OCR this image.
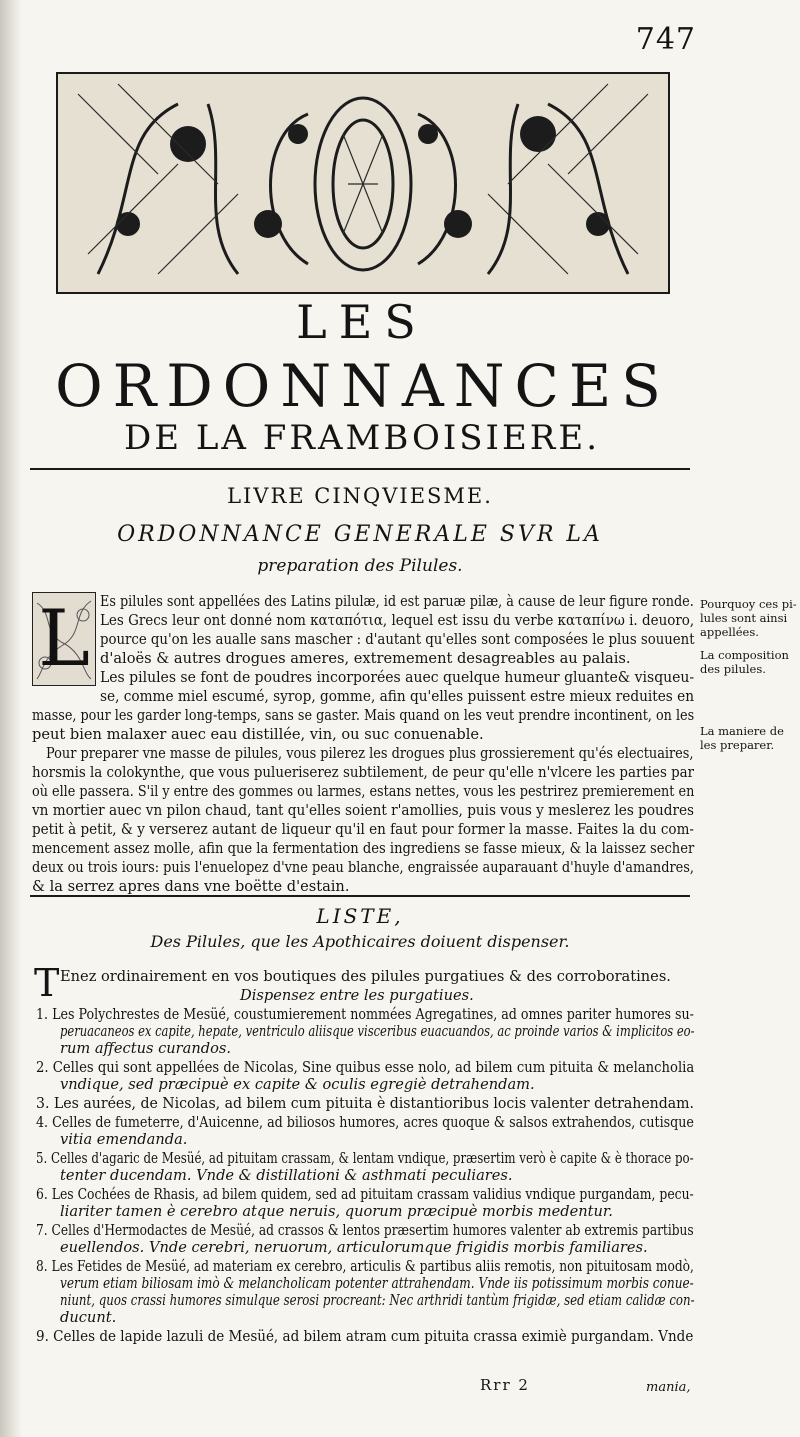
747
LES
ORDONNANCES
DE LA FRAMBOISIERE.
LIVRE CINQVIESME.
ORDONNANCE GENERALE SVR LA
preparation des Pilules.
L Es pilules sont appellées des Latins pilulæ, id est paruæ pilæ, à cause de leur figure ronde.
Les Grecs leur ont donné nom καταπότια, lequel est issu du verbe καταπίνω i. deuoro,
pource qu'on les aualle sans mascher : d'autant qu'elles sont composées le plus souuent
d'aloës & autres drogues ameres, extremement desagreables au palais.
Les pilules se font de poudres incorporées auec quelque humeur gluante& visqueu-
se, comme miel escumé, syrop, gomme, afin qu'elles puissent estre mieux reduites en
masse, pour les garder long-temps, sans se gaster. Mais quand on les veut prendre incontinent, on les
peut bien malaxer auec eau distillée, vin, ou suc conuenable.
Pour preparer vne masse de pilules, vous pilerez les drogues plus grossierement qu'és electuaires,
horsmis la colokynthe, que vous pulueriserez subtilement, de peur qu'elle n'vlcere les parties par
où elle passera. S'il y entre des gommes ou larmes, estans nettes, vous les pestrirez premierement en
vn mortier auec vn pilon chaud, tant qu'elles soient r'amollies, puis vous y meslerez les poudres
petit à petit, & y verserez autant de liqueur qu'il en faut pour former la masse. Faites la du com-
mencement assez molle, afin que la fermentation des ingrediens se fasse mieux, & la laissez secher
deux ou trois iours: puis l'enuelopez d'vne peau blanche, engraissée auparauant d'huyle d'amandres,
& la serrez apres dans vne boëtte d'estain.
Pourquoy ces pi-
lules sont ainsi
appellées.
La composition
des pilules.
La maniere de
les preparer.
LISTE,
Des Pilules, que les Apothicaires doiuent dispenser.
T Enez ordinairement en vos boutiques des pilules purgatiues & des corroboratines.
Dispensez entre les purgatiues.
1. Les Polychrestes de Mesüé, coustumierement nommées Agregatines, ad omnes pariter humores su-
peruacaneos ex capite, hepate, ventriculo aliisque visceribus euacuandos, ac proinde varios & implicitos eo-
rum affectus curandos.
2. Celles qui sont appellées de Nicolas, Sine quibus esse nolo, ad bilem cum pituita & melancholia
vndique, sed præcipuè ex capite & oculis egregiè detrahendam.
3. Les aurées, de Nicolas, ad bilem cum pituita è distantioribus locis valenter detrahendam.
4. Celles de fumeterre, d'Auicenne, ad biliosos humores, acres quoque & salsos extrahendos, cutisque
vitia emendanda.
5. Celles d'agaric de Mesüé, ad pituitam crassam, & lentam vndique, præsertim verò è capite & è thorace po-
tenter ducendam. Vnde & distillationi & asthmati peculiares.
6. Les Cochées de Rhasis, ad bilem quidem, sed ad pituitam crassam validius vndique purgandam, pecu-
liariter tamen è cerebro atque neruis, quorum præcipuè morbis medentur.
7. Celles d'Hermodactes de Mesüé, ad crassos & lentos præsertim humores valenter ab extremis partibus
euellendos. Vnde cerebri, neruorum, articulorumque frigidis morbis familiares.
8. Les Fetides de Mesüé, ad materiam ex cerebro, articulis & partibus aliis remotis, non pituitosam modò,
verum etiam biliosam imò & melancholicam potenter attrahendam. Vnde iis potissimum morbis conue-
niunt, quos crassi humores simulque serosi procreant: Nec arthridi tantùm frigidæ, sed etiam calidæ con-
ducunt.
9. Celles de lapide lazuli de Mesüé, ad bilem atram cum pituita crassa eximiè purgandam. Vnde
Rrr 2	mania,
